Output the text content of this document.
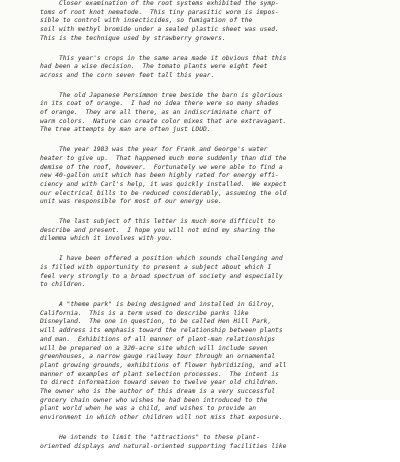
Closer examination of the root systems exhibited the symp-
toms of root knot nematode.  This tiny parasitic worm is impos-
sible to control with insecticides, so fumigation of the
soil with methyl bromide under a sealed plastic sheet was used.
This is the technique used by strawberry growers.
This year's crops in the same area made it obvious that this
had been a wise decision.  The tomato plants were eight feet
across and the corn seven feet tall this year.
The old Japanese Persimmon tree beside the barn is glorious
in its coat of orange.  I had no idea there were so many shades
of orange.  They are all there, as an indiscriminate chart of
warm colors.  Nature can create color mixes that are extravagant.
The tree attempts by man are often just LOUD.
The year 1983 was the year for Frank and George's water
heater to give up.  That happened much more suddenly than did the
demise of the roof, however.  Fortunately we were able to find a
new 40-gallon unit which has been highly rated for energy effi-
ciency and with Carl's help, it was quickly installed.  We expect
our electrical bills to be reduced considerably, assuming the old
unit was responsible for most of our energy use.
The last subject of this letter is much more difficult to
describe and present.  I hope you will not mind my sharing the
dilemma which it involves with you.
I have been offered a position which sounds challenging and
is filled with opportunity to present a subject about which I
feel very strongly to a broad spectrum of society and especially
to children.
A "theme park" is being designed and installed in Gilroy,
California.  This is a term used to describe parks like
Disneyland.  The one in question, to be called Hen Hill Park,
will address its emphasis toward the relationship between plants
and man.  Exhibitions of all manner of plant-man relationships
will be prepared on a 320-acre site which will include seven
greenhouses, a narrow gauge railway tour through an ornamental
plant growing grounds, exhibitions of flower hybridizing, and all
manner of examples of plant selection processes.  The intent is
to direct information toward seven to twelve year old children.
The owner who is the author of this dream is a very successful
grocery chain owner who wishes he had been introduced to the
plant world when he was a child, and wishes to provide an
environment in which other children will not miss that exposure.
He intends to limit the "attractions" to these plant-
oriented displays and natural-oriented supporting facilities like
